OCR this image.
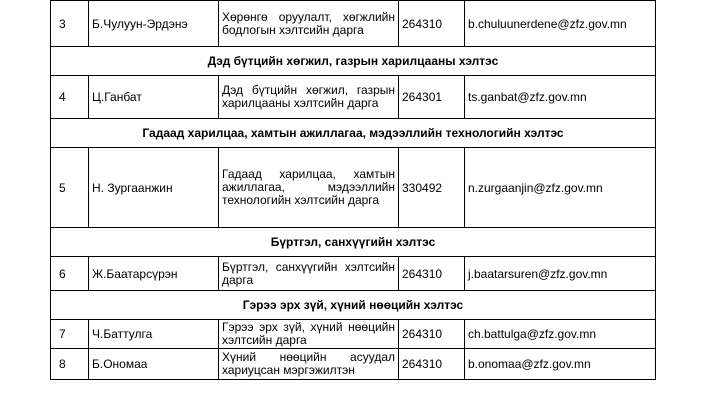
3	Б.Чулуун-Эрдэнэ	Хөрөнгө оруулалт, хөгжлийн бодлогын хэлтсийн дарга	264310	b.chuluunerdene@zfz.gov.mn
Дэд бүтцийн хөгжил, газрын харилцааны хэлтэс				
4	Ц.Ганбат	Дэд бүтцийн хөгжил, газрын харилцааны хэлтсийн дарга	264301	ts.ganbat@zfz.gov.mn
Гадаад харилцаа, хамтын ажиллагаа, мэдээллийн технологийн хэлтэс				
5	Н. Зургаанжин	Гадаад харилцаа, хамтын ажиллагаа, мэдээллийн технологийн хэлтсийн дарга	330492	n.zurgaanjin@zfz.gov.mn
Бүртгэл, санхүүгийн хэлтэс				
6	Ж.Баатарсүрэн	Бүртгэл, санхүүгийн хэлтсийн дарга	264310	j.baatarsuren@zfz.gov.mn
Гэрээ эрх зүй, хүний нөөцийн хэлтэс				
7	Ч.Баттулга	Гэрээ эрх зүй, хүний нөөцийн хэлтсийн дарга	264310	ch.battulga@zfz.gov.mn
8	Б.Ономаа	Хүний нөөцийн асуудал хариуцсан мэргэжилтэн	264310	b.onomaa@zfz.gov.mn
